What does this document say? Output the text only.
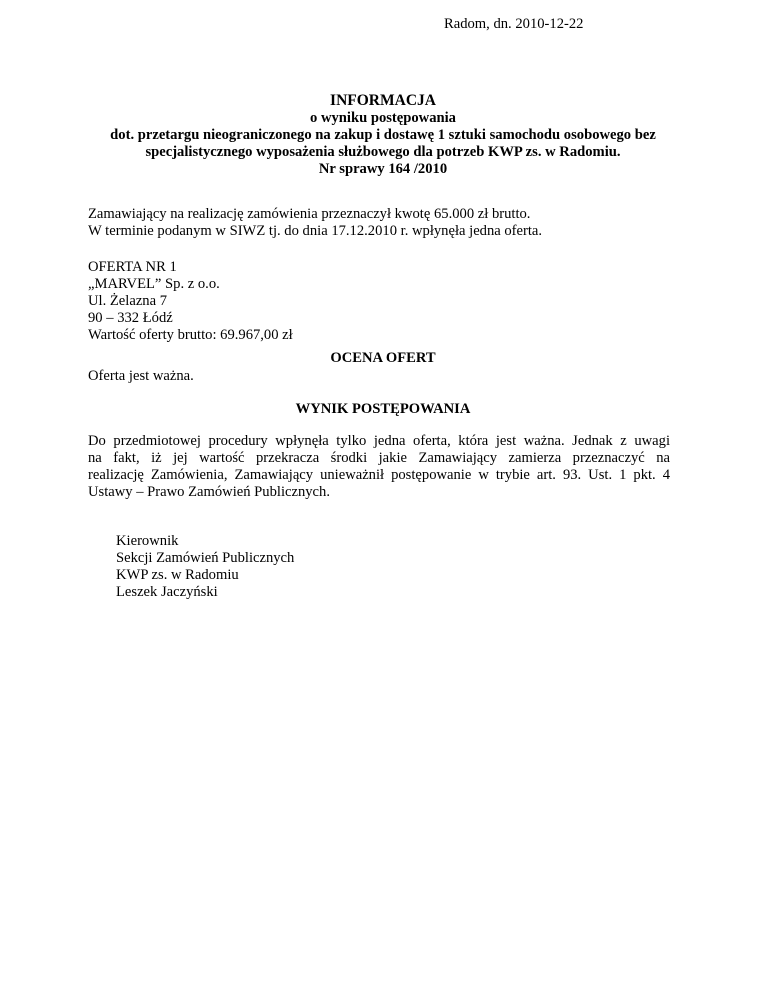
Radom, dn. 2010-12-22
INFORMACJA
o wyniku postępowania
dot. przetargu nieograniczonego na zakup i dostawę 1 sztuki samochodu osobowego bez
specjalistycznego wyposażenia służbowego dla potrzeb KWP zs. w Radomiu.
Nr sprawy 164 /2010
Zamawiający na realizację zamówienia przeznaczył kwotę 65.000 zł brutto.
W terminie podanym w SIWZ tj. do dnia 17.12.2010 r. wpłynęła jedna oferta.
OFERTA NR 1
„MARVEL” Sp. z o.o.
Ul. Żelazna 7
90 – 332 Łódź
Wartość oferty brutto: 69.967,00 zł
OCENA OFERT
Oferta jest ważna.
WYNIK POSTĘPOWANIA
Do przedmiotowej procedury wpłynęła tylko jedna oferta, która jest ważna. Jednak z uwagi
na fakt, iż jej wartość przekracza środki jakie Zamawiający zamierza przeznaczyć na
realizację Zamówienia, Zamawiający unieważnił postępowanie w trybie art. 93. Ust. 1 pkt. 4
Ustawy – Prawo Zamówień Publicznych.
Kierownik
Sekcji Zamówień Publicznych
KWP zs. w Radomiu
Leszek Jaczyński
